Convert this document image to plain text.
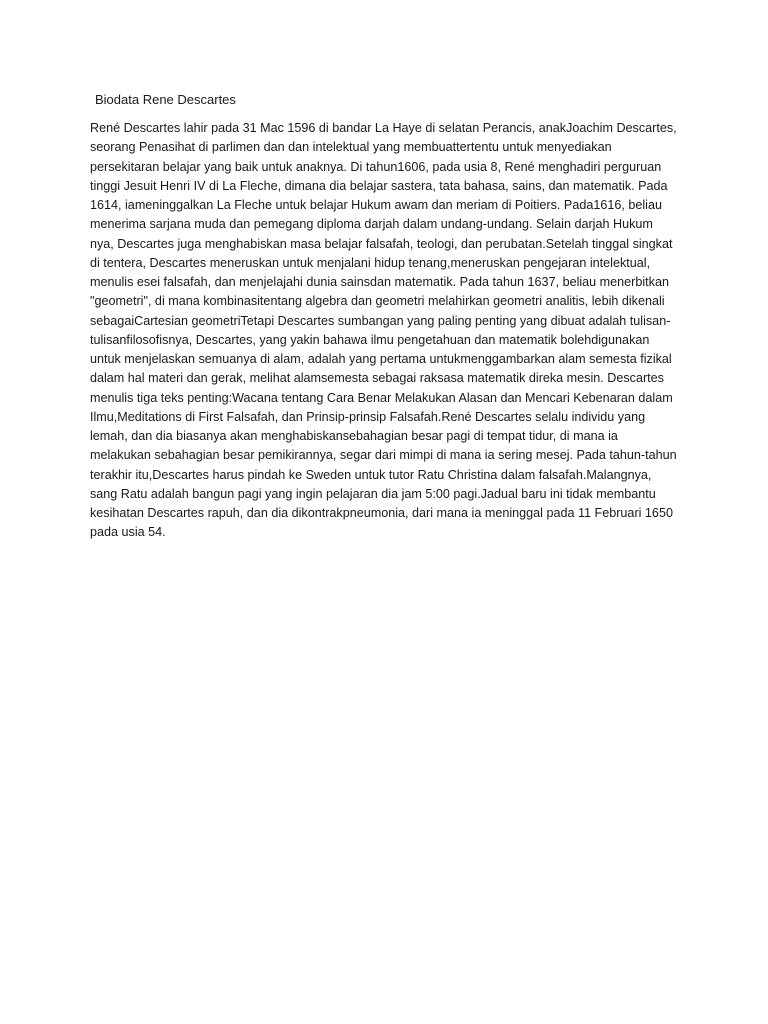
Biodata Rene Descartes
René Descartes lahir pada 31 Mac 1596 di bandar La Haye di selatan Perancis, anakJoachim Descartes,
seorang Penasihat di parlimen dan dan intelektual yang membuattertentu untuk menyediakan
persekitaran belajar yang baik untuk anaknya. Di tahun1606, pada usia 8, René menghadiri perguruan
tinggi Jesuit Henri IV di La Fleche, dimana dia belajar sastera, tata bahasa, sains, dan matematik. Pada
1614, iameninggalkan La Fleche untuk belajar Hukum awam dan meriam di Poitiers. Pada1616, beliau
menerima sarjana muda dan pemegang diploma darjah dalam undang-undang. Selain darjah Hukum
nya, Descartes juga menghabiskan masa belajar falsafah, teologi, dan perubatan.Setelah tinggal singkat
di tentera, Descartes meneruskan untuk menjalani hidup tenang,meneruskan pengejaran intelektual,
menulis esei falsafah, dan menjelajahi dunia sainsdan matematik. Pada tahun 1637, beliau menerbitkan
"geometri", di mana kombinasitentang algebra dan geometri melahirkan geometri analitis, lebih dikenali
sebagaiCartesian geometriTetapi Descartes sumbangan yang paling penting yang dibuat adalah tulisan-
tulisanfilosofisnya, Descartes, yang yakin bahawa ilmu pengetahuan dan matematik bolehdigunakan
untuk menjelaskan semuanya di alam, adalah yang pertama untukmenggambarkan alam semesta fizikal
dalam hal materi dan gerak, melihat alamsemesta sebagai raksasa matematik direka mesin. Descartes
menulis tiga teks penting:Wacana tentang Cara Benar Melakukan Alasan dan Mencari Kebenaran dalam
Ilmu,Meditations di First Falsafah, dan Prinsip-prinsip Falsafah.René Descartes selalu individu yang
lemah, dan dia biasanya akan menghabiskansebahagian besar pagi di tempat tidur, di mana ia
melakukan sebahagian besar pemikirannya, segar dari mimpi di mana ia sering mesej. Pada tahun-tahun
terakhir itu,Descartes harus pindah ke Sweden untuk tutor Ratu Christina dalam falsafah.Malangnya,
sang Ratu adalah bangun pagi yang ingin pelajaran dia jam 5:00 pagi.Jadual baru ini tidak membantu
kesihatan Descartes rapuh, dan dia dikontrakpneumonia, dari mana ia meninggal pada 11 Februari 1650
pada usia 54.
